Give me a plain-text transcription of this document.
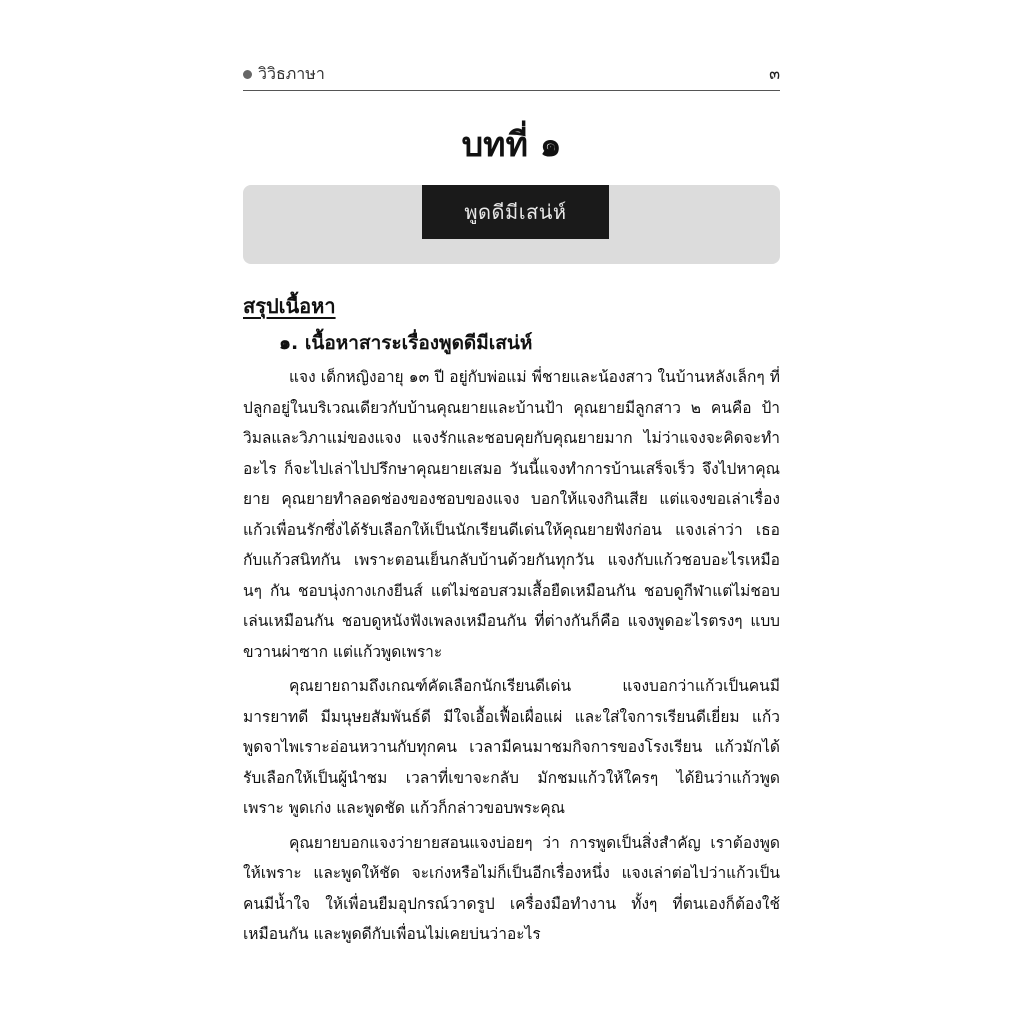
วิวิธภาษา	๓
บทที่ ๑
พูดดีมีเสน่ห์
สรุปเนื้อหา
๑. เนื้อหาสาระเรื่องพูดดีมีเสน่ห์

แจง เด็กหญิงอายุ ๑๓ ปี อยู่กับพ่อแม่ พี่ชายและน้องสาว ในบ้านหลังเล็กๆ ที่ปลูกอยู่ในบริเวณเดียวกับบ้านคุณยายและบ้านป้า คุณยายมีลูกสาว ๒ คนคือ ป้าวิมลและวิภาแม่ของแจง แจงรักและชอบคุยกับคุณยายมาก ไม่ว่าแจงจะคิดจะทำอะไร ก็จะไปเล่าไปปรึกษาคุณยายเสมอ วันนี้แจงทำการบ้านเสร็จเร็ว จึงไปหาคุณยาย คุณยายทำลอดช่องของชอบของแจง บอกให้แจงกินเสีย แต่แจงขอเล่าเรื่องแก้วเพื่อนรักซึ่งได้รับเลือกให้เป็นนักเรียนดีเด่นให้คุณยายฟังก่อน แจงเล่าว่า เธอกับแก้วสนิทกัน เพราะตอนเย็นกลับบ้านด้วยกันทุกวัน แจงกับแก้วชอบอะไรเหมือนๆ กัน ชอบนุ่งกางเกงยีนส์ แต่ไม่ชอบสวมเสื้อยืดเหมือนกัน ชอบดูกีฬาแต่ไม่ชอบเล่นเหมือนกัน ชอบดูหนังฟังเพลงเหมือนกัน ที่ต่างกันก็คือ แจงพูดอะไรตรงๆ แบบขวานผ่าซาก แต่แก้วพูดเพราะ

คุณยายถามถึงเกณฑ์คัดเลือกนักเรียนดีเด่น แจงบอกว่าแก้วเป็นคนมีมารยาทดี มีมนุษยสัมพันธ์ดี มีใจเอื้อเฟื้อเผื่อแผ่ และใส่ใจการเรียนดีเยี่ยม แก้วพูดจาไพเราะอ่อนหวานกับทุกคน เวลามีคนมาชมกิจการของโรงเรียน แก้วมักได้รับเลือกให้เป็นผู้นำชม เวลาที่เขาจะกลับ มักชมแก้วให้ใครๆ ได้ยินว่าแก้วพูดเพราะ พูดเก่ง และพูดชัด แก้วก็กล่าวขอบพระคุณ

คุณยายบอกแจงว่ายายสอนแจงบ่อยๆ ว่า การพูดเป็นสิ่งสำคัญ เราต้องพูดให้เพราะ และพูดให้ชัด จะเก่งหรือไม่ก็เป็นอีกเรื่องหนึ่ง แจงเล่าต่อไปว่าแก้วเป็นคนมีน้ำใจ ให้เพื่อนยืมอุปกรณ์วาดรูป เครื่องมือทำงาน ทั้งๆ ที่ตนเองก็ต้องใช้เหมือนกัน และพูดดีกับเพื่อนไม่เคยบ่นว่าอะไร
